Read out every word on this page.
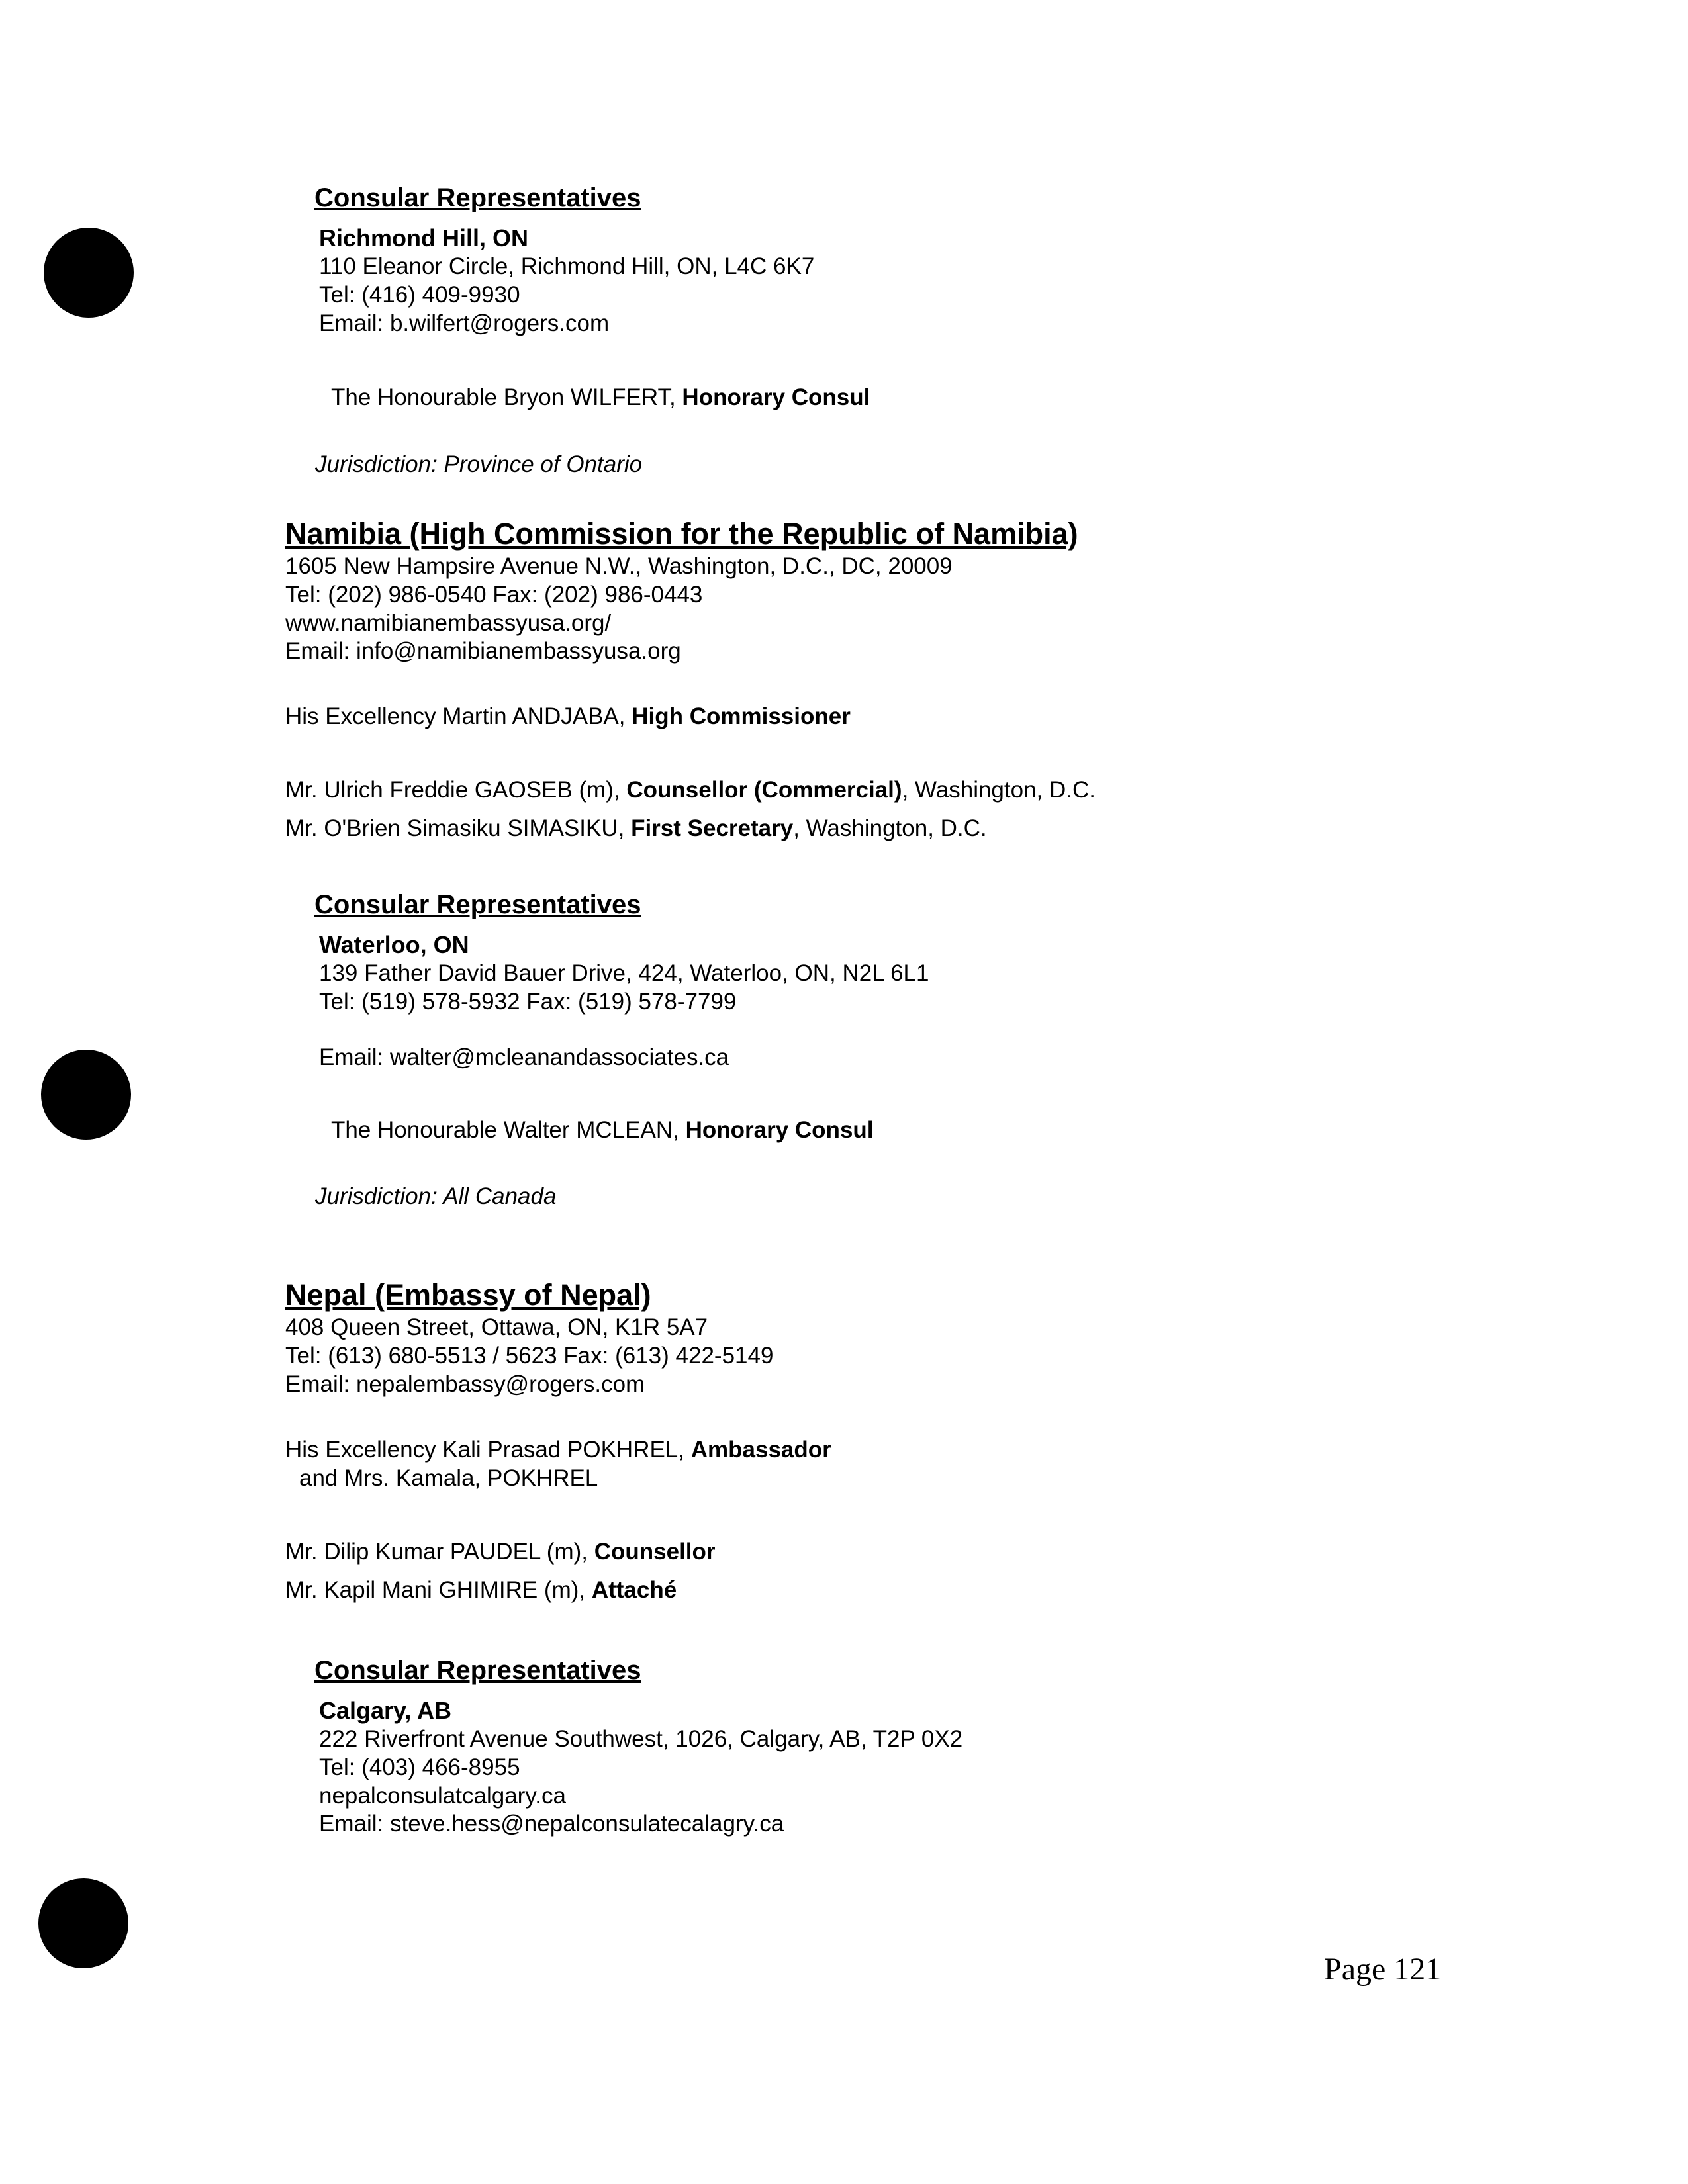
Consular Representatives
Richmond Hill, ON
110 Eleanor Circle, Richmond Hill, ON, L4C 6K7
Tel: (416) 409-9930
Email: b.wilfert@rogers.com
The Honourable Bryon WILFERT, Honorary Consul
Jurisdiction: Province of Ontario
Namibia (High Commission for the Republic of Namibia)
1605 New Hampsire Avenue N.W., Washington, D.C., DC, 20009
Tel: (202) 986-0540 Fax: (202) 986-0443
www.namibianembassyusa.org/
Email: info@namibianembassyusa.org
His Excellency Martin ANDJABA, High Commissioner
Mr. Ulrich Freddie GAOSEB (m), Counsellor (Commercial), Washington, D.C.
Mr. O'Brien Simasiku SIMASIKU, First Secretary, Washington, D.C.
Consular Representatives
Waterloo, ON
139 Father David Bauer Drive, 424, Waterloo, ON, N2L 6L1
Tel: (519) 578-5932 Fax: (519) 578-7799
Email: walter@mcleanandassociates.ca
The Honourable Walter MCLEAN, Honorary Consul
Jurisdiction: All Canada
Nepal (Embassy of Nepal)
408 Queen Street, Ottawa, ON, K1R 5A7
Tel: (613) 680-5513 / 5623 Fax: (613) 422-5149
Email: nepalembassy@rogers.com
His Excellency Kali Prasad POKHREL, Ambassador
and Mrs. Kamala, POKHREL
Mr. Dilip Kumar PAUDEL (m), Counsellor
Mr. Kapil Mani GHIMIRE (m), Attaché
Consular Representatives
Calgary, AB
222 Riverfront Avenue Southwest, 1026, Calgary, AB, T2P 0X2
Tel: (403) 466-8955
nepalconsulatcalgary.ca
Email: steve.hess@nepalconsulatecalagry.ca
Page 121
